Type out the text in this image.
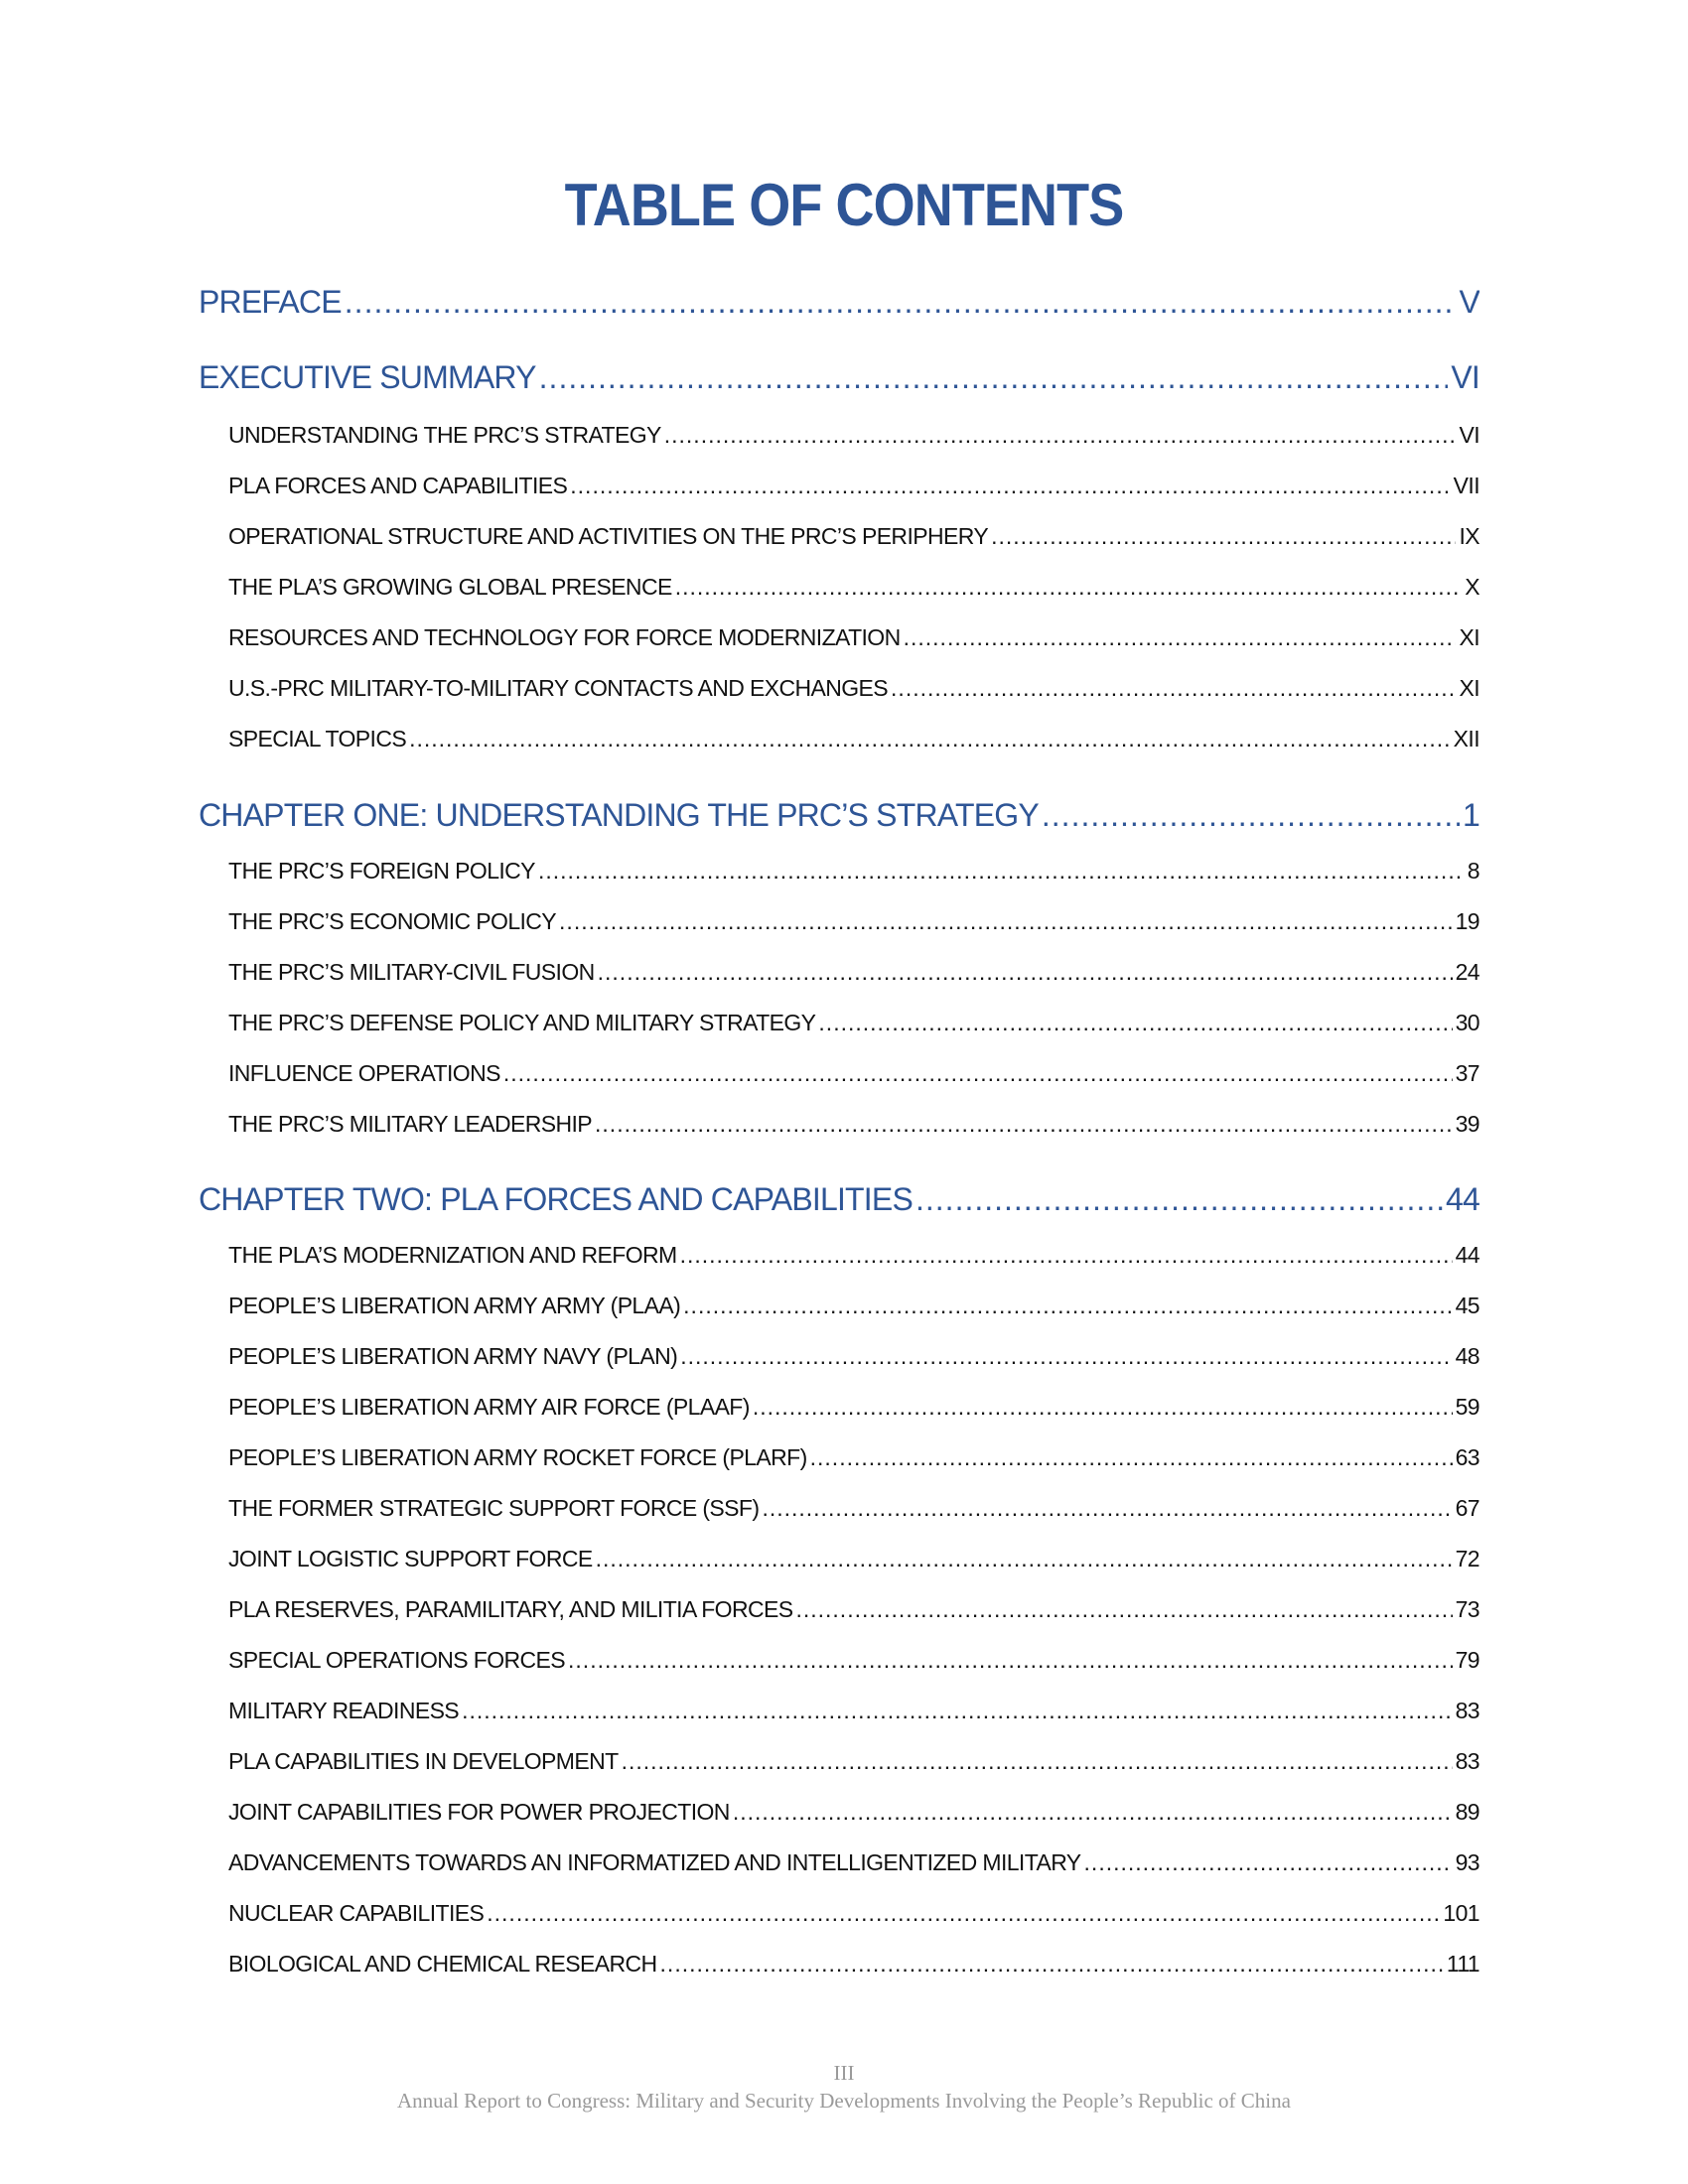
TABLE OF CONTENTS
PREFACE .....	V
EXECUTIVE SUMMARY .....	VI
UNDERSTANDING THE PRC’S STRATEGY .....	VI
PLA FORCES AND CAPABILITIES .....	VII
OPERATIONAL STRUCTURE AND ACTIVITIES ON THE PRC’S PERIPHERY .....	IX
THE PLA’S GROWING GLOBAL PRESENCE .....	X
RESOURCES AND TECHNOLOGY FOR FORCE MODERNIZATION .....	XI
U.S.-PRC MILITARY-TO-MILITARY CONTACTS AND EXCHANGES .....	XI
SPECIAL TOPICS .....	XII
CHAPTER ONE: UNDERSTANDING THE PRC’S STRATEGY .....	1
THE PRC’S FOREIGN POLICY .....	8
THE PRC’S ECONOMIC POLICY .....	19
THE PRC’S MILITARY-CIVIL FUSION .....	24
THE PRC’S DEFENSE POLICY AND MILITARY STRATEGY .....	30
INFLUENCE OPERATIONS .....	37
THE PRC’S MILITARY LEADERSHIP .....	39
CHAPTER TWO: PLA FORCES AND CAPABILITIES .....	44
THE PLA’S MODERNIZATION AND REFORM .....	44
PEOPLE’S LIBERATION ARMY ARMY (PLAA) .....	45
PEOPLE’S LIBERATION ARMY NAVY (PLAN) .....	48
PEOPLE’S LIBERATION ARMY AIR FORCE (PLAAF) .....	59
PEOPLE’S LIBERATION ARMY ROCKET FORCE (PLARF) .....	63
THE FORMER STRATEGIC SUPPORT FORCE (SSF) .....	67
JOINT LOGISTIC SUPPORT FORCE .....	72
PLA RESERVES, PARAMILITARY, AND MILITIA FORCES .....	73
SPECIAL OPERATIONS FORCES .....	79
MILITARY READINESS .....	83
PLA CAPABILITIES IN DEVELOPMENT .....	83
JOINT CAPABILITIES FOR POWER PROJECTION .....	89
ADVANCEMENTS TOWARDS AN INFORMATIZED AND INTELLIGENTIZED MILITARY .....	93
NUCLEAR CAPABILITIES .....	101
BIOLOGICAL AND CHEMICAL RESEARCH .....	111
III
Annual Report to Congress: Military and Security Developments Involving the People’s Republic of China
